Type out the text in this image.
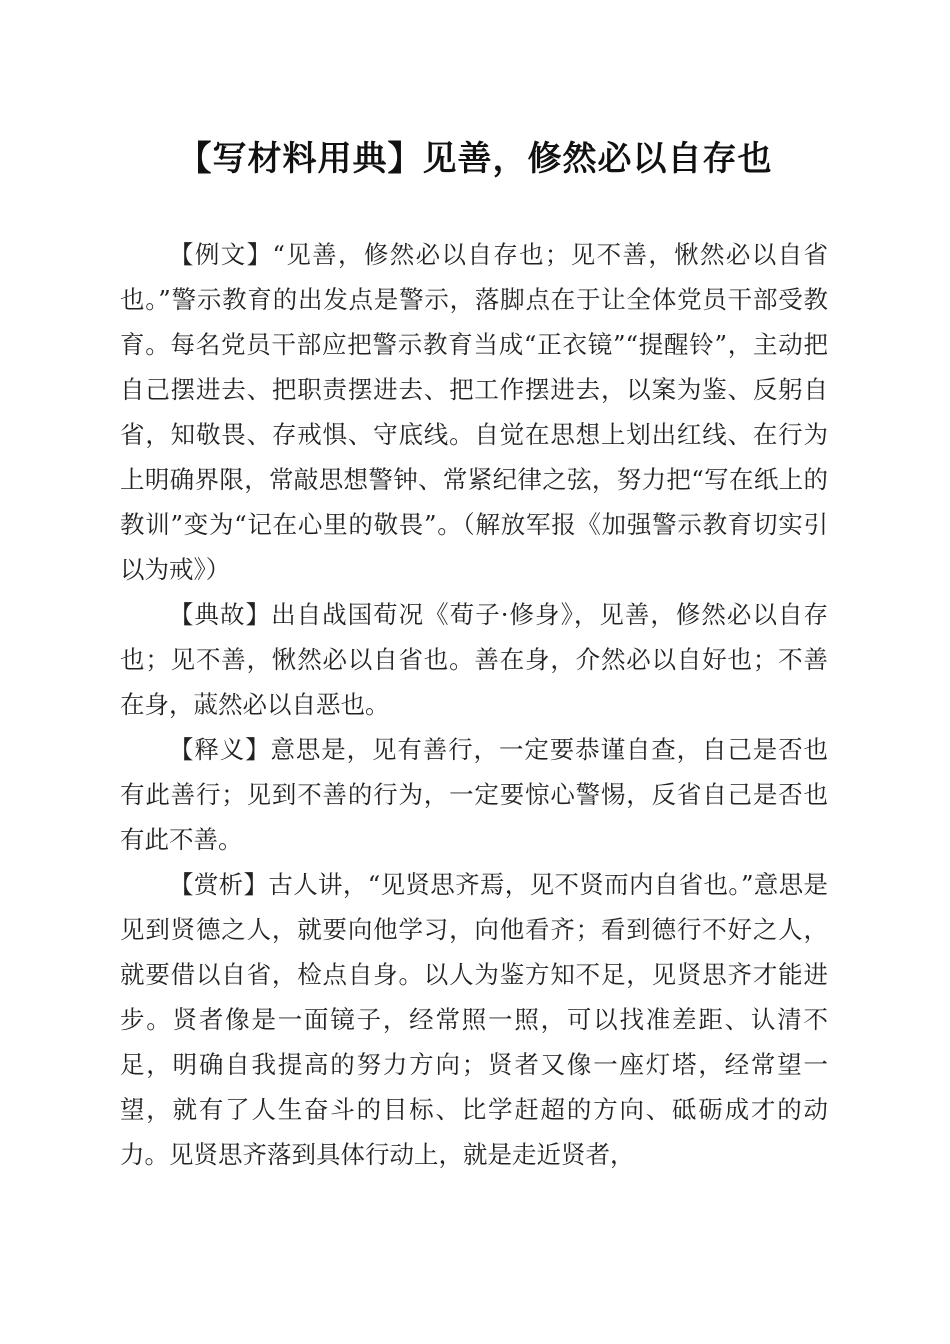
【写材料用典】见善，修然必以自存也

【例文】“见善，修然必以自存也；见不善，愀然必以自省也。”警示教育的出发点是警示，落脚点在于让全体党员干部受教育。每名党员干部应把警示教育当成“正衣镜”“提醒铃”，主动把自己摆进去、把职责摆进去、把工作摆进去，以案为鉴、反躬自省，知敬畏、存戒惧、守底线。自觉在思想上划出红线、在行为上明确界限，常敲思想警钟、常紧纪律之弦，努力把“写在纸上的教训”变为“记在心里的敬畏”。（解放军报《加强警示教育切实引以为戒》）

【典故】出自战国荀况《荀子·修身》，见善，修然必以自存也；见不善，愀然必以自省也。善在身，介然必以自好也；不善在身，𦸗然必以自恶也。

【释义】意思是，见有善行，一定要恭谨自查，自己是否也有此善行；见到不善的行为，一定要惊心警惕，反省自己是否也有此不善。

【赏析】古人讲，“见贤思齐焉，见不贤而内自省也。”意思是见到贤德之人，就要向他学习，向他看齐；看到德行不好之人，就要借以自省，检点自身。以人为鉴方知不足，见贤思齐才能进步。贤者像是一面镜子，经常照一照，可以找准差距、认清不足，明确自我提高的努力方向；贤者又像一座灯塔，经常望一望，就有了人生奋斗的目标、比学赶超的方向、砥砺成才的动力。见贤思齐落到具体行动上，就是走近贤者，
